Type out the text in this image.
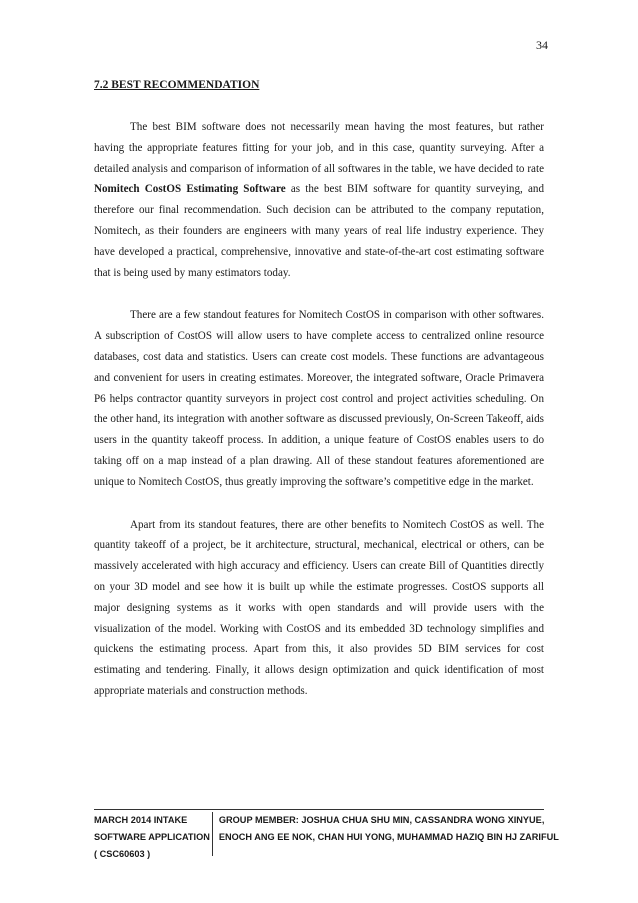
34
7.2 BEST RECOMMENDATION

The best BIM software does not necessarily mean having the most features, but rather having the appropriate features fitting for your job, and in this case, quantity surveying. After a detailed analysis and comparison of information of all softwares in the table, we have decided to rate Nomitech CostOS Estimating Software as the best BIM software for quantity surveying, and therefore our final recommendation. Such decision can be attributed to the company reputation, Nomitech, as their founders are engineers with many years of real life industry experience. They have developed a practical, comprehensive, innovative and state-of-the-art cost estimating software that is being used by many estimators today.

There are a few standout features for Nomitech CostOS in comparison with other softwares. A subscription of CostOS will allow users to have complete access to centralized online resource databases, cost data and statistics. Users can create cost models. These functions are advantageous and convenient for users in creating estimates. Moreover, the integrated software, Oracle Primavera P6 helps contractor quantity surveyors in project cost control and project activities scheduling. On the other hand, its integration with another software as discussed previously, On-Screen Takeoff, aids users in the quantity takeoff process. In addition, a unique feature of CostOS enables users to do taking off on a map instead of a plan drawing. All of these standout features aforementioned are unique to Nomitech CostOS, thus greatly improving the software’s competitive edge in the market.

Apart from its standout features, there are other benefits to Nomitech CostOS as well. The quantity takeoff of a project, be it architecture, structural, mechanical, electrical or others, can be massively accelerated with high accuracy and efficiency. Users can create Bill of Quantities directly on your 3D model and see how it is built up while the estimate progresses. CostOS supports all major designing systems as it works with open standards and will provide users with the visualization of the model. Working with CostOS and its embedded 3D technology simplifies and quickens the estimating process. Apart from this, it also provides 5D BIM services for cost estimating and tendering. Finally, it allows design optimization and quick identification of most appropriate materials and construction methods.

MARCH 2014 INTAKE
SOFTWARE APPLICATION
( CSC60603 )
GROUP MEMBER: JOSHUA CHUA SHU MIN, CASSANDRA WONG XINYUE,
ENOCH ANG EE NOK, CHAN HUI YONG, MUHAMMAD HAZIQ BIN HJ ZARIFUL
